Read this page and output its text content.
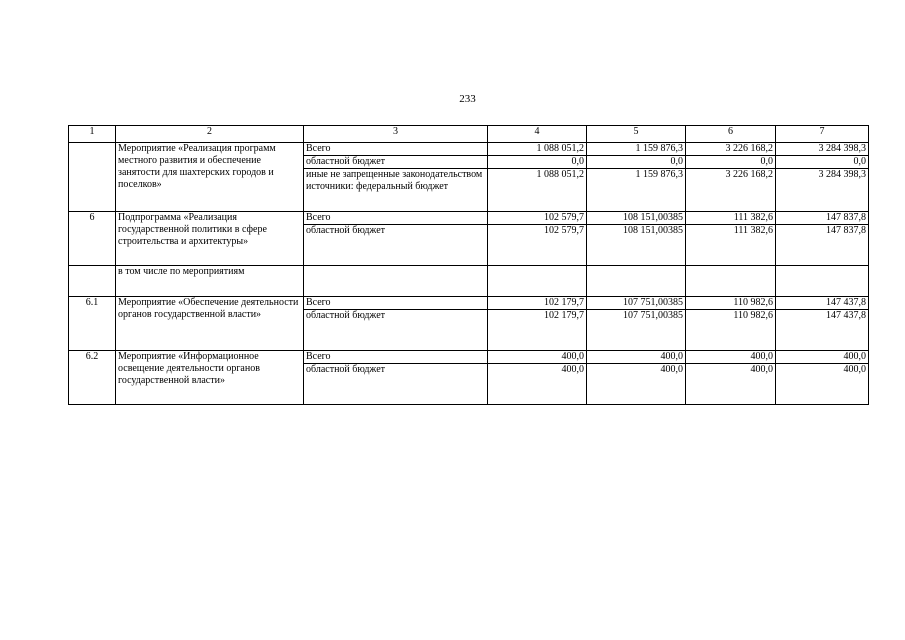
233
1	2	3	4	5	6	7
	Мероприятие «Реализация программ местного развития и обеспечение занятости для шахтерских городов и поселков»	Всего	1 088 051,2	1 159 876,3	3 226 168,2	3 284 398,3
		областной бюджет	0,0	0,0	0,0	0,0
		иные не запрещенные законодательством источники: федеральный бюджет	1 088 051,2	1 159 876,3	3 226 168,2	3 284 398,3
6	Подпрограмма «Реализация государственной политики в сфере строительства и архитектуры»	Всего	102 579,7	108 151,00385	111 382,6	147 837,8
		областной бюджет	102 579,7	108 151,00385	111 382,6	147 837,8
	в том числе по мероприятиям					
6.1	Мероприятие «Обеспечение деятельности органов государственной власти»	Всего	102 179,7	107 751,00385	110 982,6	147 437,8
		областной бюджет	102 179,7	107 751,00385	110 982,6	147 437,8
6.2	Мероприятие «Информационное освещение деятельности органов государственной власти»	Всего	400,0	400,0	400,0	400,0
		областной бюджет	400,0	400,0	400,0	400,0
